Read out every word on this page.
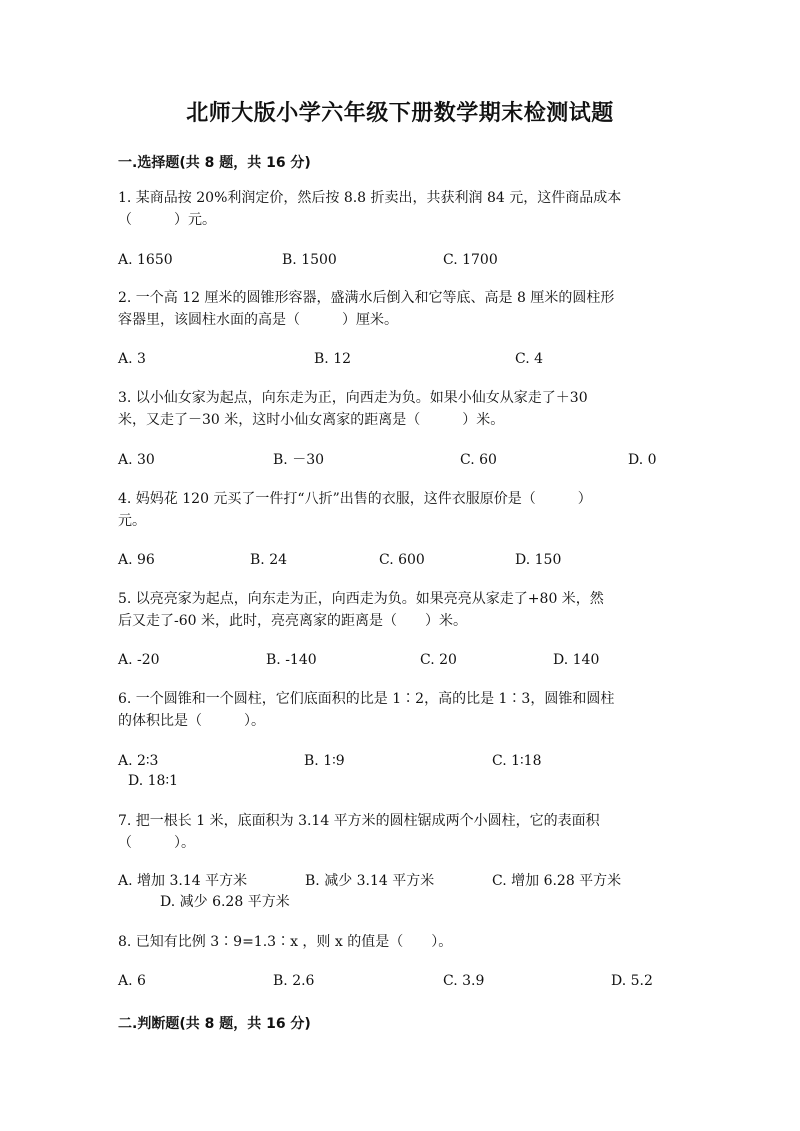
北师大版小学六年级下册数学期末检测试题
一.选择题(共 8 题，共 16 分)
1. 某商品按 20%利润定价，然后按 8.8 折卖出，共获利润 84 元，这件商品成本
（　　　）元。
A. 1650	B. 1500	C. 1700
2. 一个高 12 厘米的圆锥形容器，盛满水后倒入和它等底、高是 8 厘米的圆柱形
容器里，该圆柱水面的高是（　　　）厘米。
A. 3	B. 12	C. 4
3. 以小仙女家为起点，向东走为正，向西走为负。如果小仙女从家走了＋30
米，又走了－30 米，这时小仙女离家的距离是（　　　）米。
A. 30	B. －30	C. 60	D. 0
4. 妈妈花 120 元买了一件打“八折”出售的衣服，这件衣服原价是（　　　）
元。
A. 96	B. 24	C. 600	D. 150
5. 以亮亮家为起点，向东走为正，向西走为负。如果亮亮从家走了+80 米，然
后又走了-60 米，此时，亮亮离家的距离是（　　）米。
A. -20	B. -140	C. 20	D. 140
6. 一个圆锥和一个圆柱，它们底面积的比是 1∶2，高的比是 1∶3，圆锥和圆柱
的体积比是（　　　）。
A. 2∶3	B. 1∶9	C. 1∶18
D. 18∶1
7. 把一根长 1 米，底面积为 3.14 平方米的圆柱锯成两个小圆柱，它的表面积
（　　　）。
A. 增加 3.14 平方米	B. 减少 3.14 平方米	C. 增加 6.28 平方米
D. 减少 6.28 平方米
8. 已知有比例 3∶9=1.3∶x ，则 x 的值是（　　）。
A. 6	B. 2.6	C. 3.9	D. 5.2
二.判断题(共 8 题，共 16 分)
